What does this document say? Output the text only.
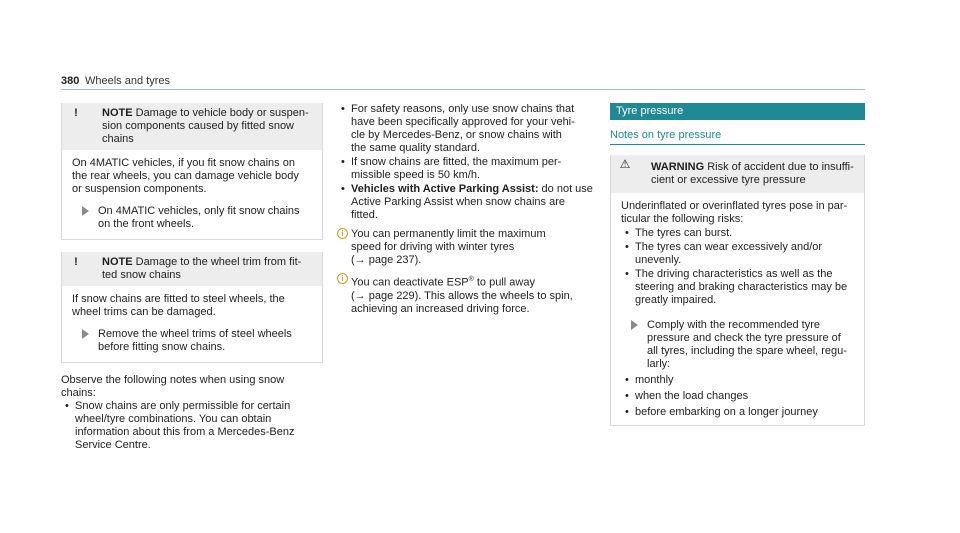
380 Wheels and tyres
!	NOTE Damage to vehicle body or suspen-
sion components caused by fitted snow
chains
On 4MATIC vehicles, if you fit snow chains on
the rear wheels, you can damage vehicle body
or suspension components.
On 4MATIC vehicles, only fit snow chains
on the front wheels.
!	NOTE Damage to the wheel trim from fit-
ted snow chains
If snow chains are fitted to steel wheels, the
wheel trims can be damaged.
Remove the wheel trims of steel wheels
before fitting snow chains.
Observe the following notes when using snow
chains:
• Snow chains are only permissible for certain
wheel/tyre combinations. You can obtain
information about this from a Mercedes-Benz
Service Centre.
• For safety reasons, only use snow chains that
have been specifically approved for your vehi-
cle by Mercedes-Benz, or snow chains with
the same quality standard.
• If snow chains are fitted, the maximum per-
missible speed is 50 km/h.
• Vehicles with Active Parking Assist: do not use
Active Parking Assist when snow chains are
fitted.
i You can permanently limit the maximum
speed for driving with winter tyres
(→ page 237).
i You can deactivate ESP® to pull away
(→ page 229). This allows the wheels to spin,
achieving an increased driving force.
Tyre pressure
Notes on tyre pressure
⚠ WARNING Risk of accident due to insuffi-
cient or excessive tyre pressure
Underinflated or overinflated tyres pose in par-
ticular the following risks:
• The tyres can burst.
• The tyres can wear excessively and/or unevenly.
• The driving characteristics as well as the steering and braking characteristics may be greatly impaired.
Comply with the recommended tyre
pressure and check the tyre pressure of
all tyres, including the spare wheel, regu-
larly:
• monthly
• when the load changes
• before embarking on a longer journey
